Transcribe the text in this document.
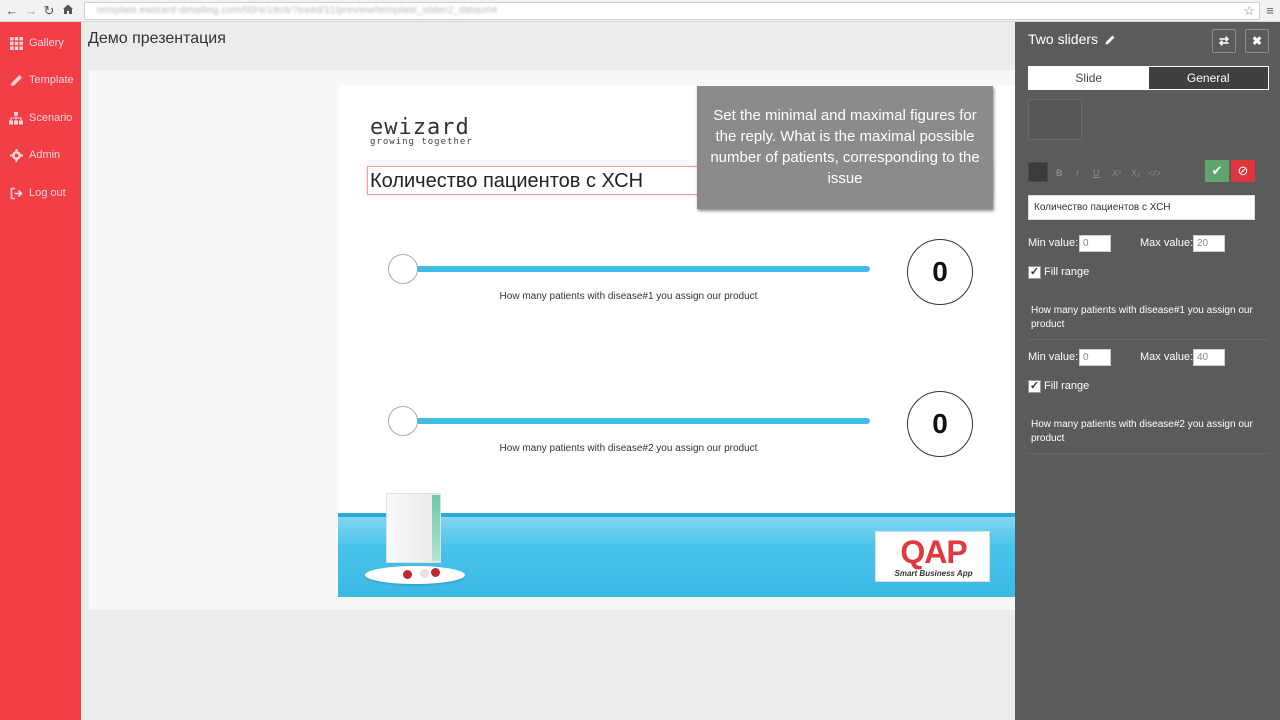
← → ↻	template.ewizard-detailing.com/00/4/19c6/7ea4d/11/preview/template_slider2_dataurl4	☆ ≡
Gallery
Template
Scenario
Admin
Log out
Демо презентация
ewizard
growing together
Количество пациентов с ХСН
How many patients with disease#1 you assign our product
0
How many patients with disease#2 you assign our product
0
QAP
Smart Business App
Set the minimal and maximal figures for the reply. What is the maximal possible number of patients, corresponding to the issue
Two sliders	⇄	✖
Slide	General
B I U X² X₂ </>	✔	⊘
Количество пациентов с ХСН
Min value: 0	Max value: 20
✓ Fill range
How many patients with disease#1 you assign our product
Min value: 0	Max value: 40
✓ Fill range
How many patients with disease#2 you assign our product
